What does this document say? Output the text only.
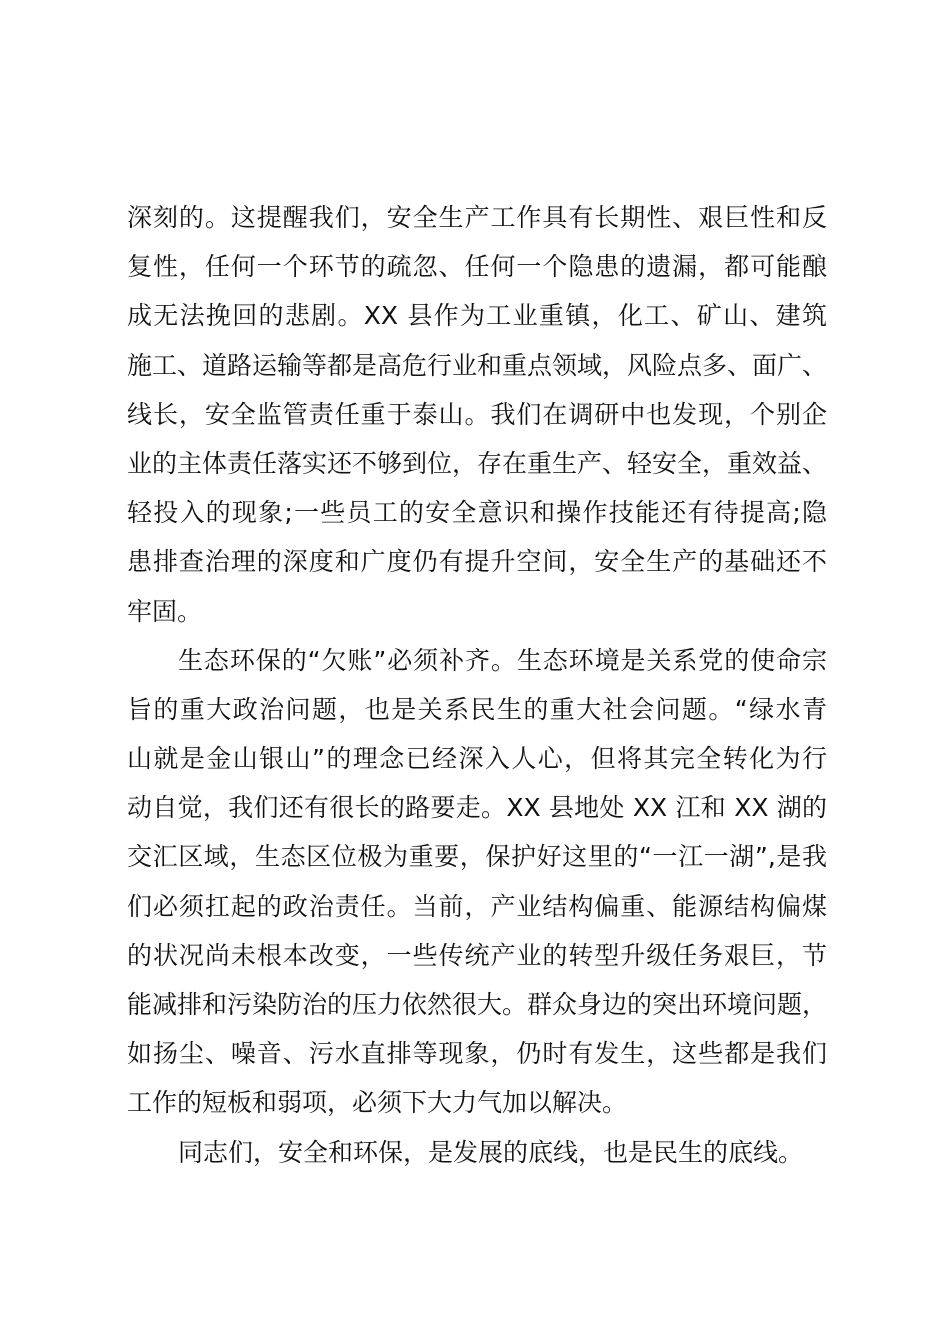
深刻的。这提醒我们，安全生产工作具有长期性、艰巨性和反
复性，任何一个环节的疏忽、任何一个隐患的遗漏，都可能酿
成无法挽回的悲剧。XX 县作为工业重镇，化工、矿山、建筑
施工、道路运输等都是高危行业和重点领域，风险点多、面广、
线长，安全监管责任重于泰山。我们在调研中也发现，个别企
业的主体责任落实还不够到位，存在重生产、轻安全，重效益、
轻投入的现象;一些员工的安全意识和操作技能还有待提高;隐
患排查治理的深度和广度仍有提升空间，安全生产的基础还不
牢固。
生态环保的“欠账”必须补齐。生态环境是关系党的使命宗
旨的重大政治问题，也是关系民生的重大社会问题。“绿水青
山就是金山银山”的理念已经深入人心，但将其完全转化为行
动自觉，我们还有很长的路要走。XX 县地处 XX 江和 XX 湖的
交汇区域，生态区位极为重要，保护好这里的“一江一湖”,是我
们必须扛起的政治责任。当前，产业结构偏重、能源结构偏煤
的状况尚未根本改变，一些传统产业的转型升级任务艰巨，节
能减排和污染防治的压力依然很大。群众身边的突出环境问题，
如扬尘、噪音、污水直排等现象，仍时有发生，这些都是我们
工作的短板和弱项，必须下大力气加以解决。
同志们，安全和环保，是发展的底线，也是民生的底线。
